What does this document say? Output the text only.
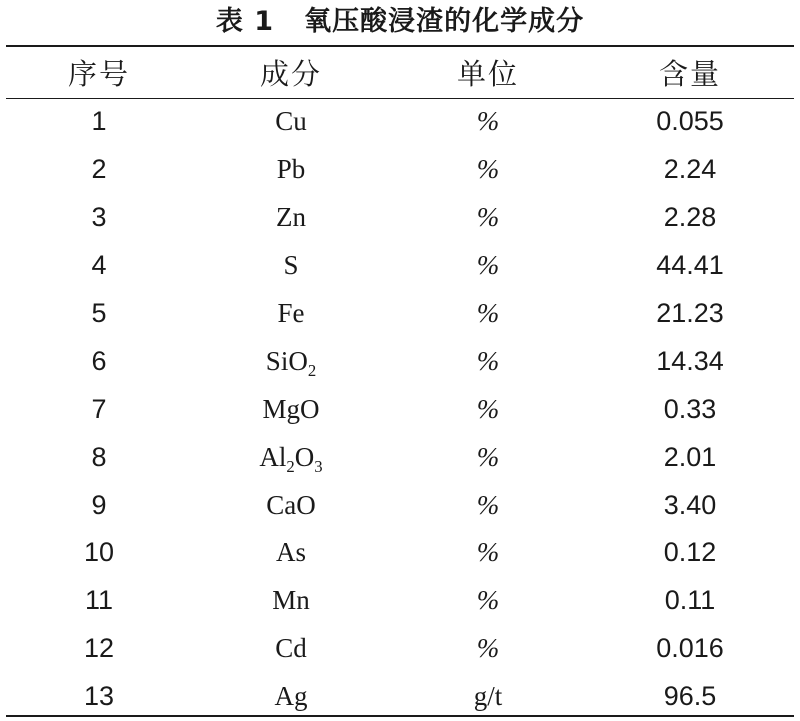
表 1 氧压酸浸渣的化学成分
序号	成分	单位	含量
1	Cu	%	0.055
2	Pb	%	2.24
3	Zn	%	2.28
4	S	%	44.41
5	Fe	%	21.23
6	SiO$_2$	%	14.34
7	MgO	%	0.33
8	$Al_2O_3$	%	2.01
9	CaO	%	3.40
10	As	%	0.12
11	Mn	%	0.11
12	Cd	%	0.016
13	Ag	g/t	96.5
